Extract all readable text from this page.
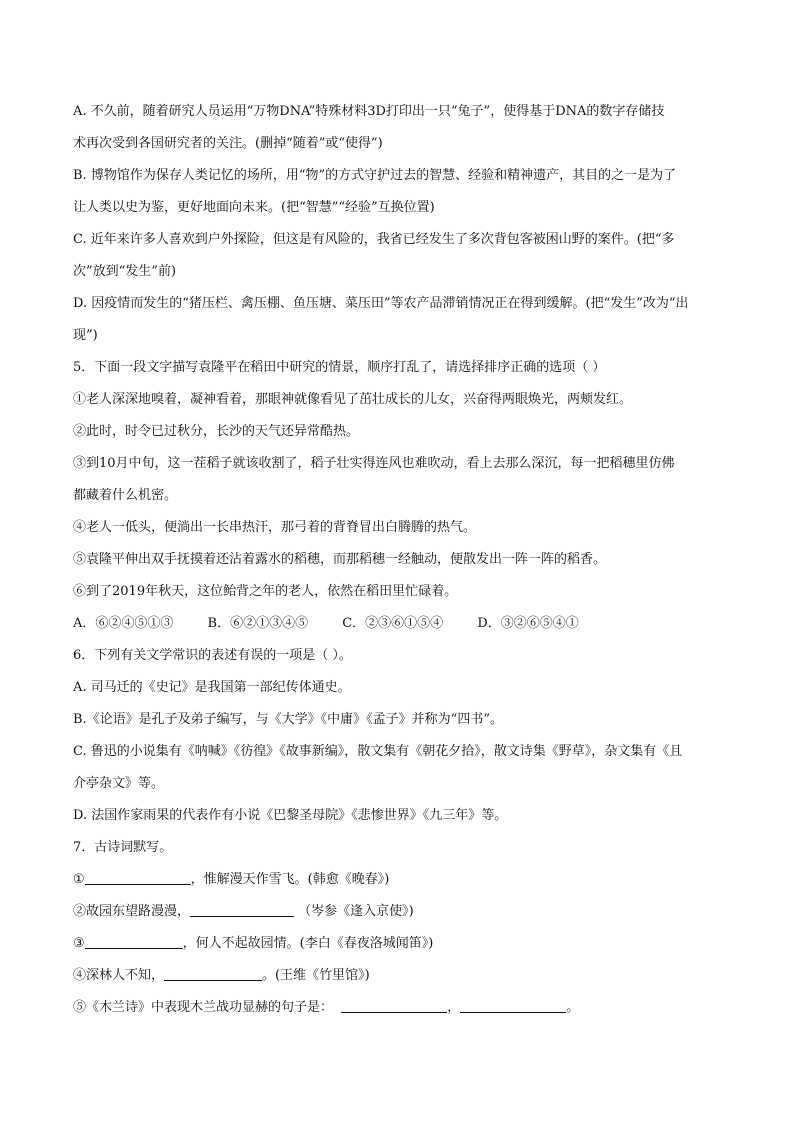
A. 不久前，随着研究人员运用“万物DNA”特殊材料3D打印出一只“兔子”，使得基于DNA的数字存储技
术再次受到各国研究者的关注。(删掉“随着”或“使得”)
B. 博物馆作为保存人类记忆的场所，用“物”的方式守护过去的智慧、经验和精神遗产，其目的之一是为了
让人类以史为鉴，更好地面向未来。(把“智慧”“经验”互换位置)
C. 近年来许多人喜欢到户外探险，但这是有风险的，我省已经发生了多次背包客被困山野的案件。(把“多
次”放到“发生”前)
D. 因疫情而发生的“猪压栏、禽压棚、鱼压塘、菜压田”等农产品滞销情况正在得到缓解。(把“发生”改为“出
现”)
5．下面一段文字描写袁隆平在稻田中研究的情景，顺序打乱了，请选择排序正确的选项（ ）
①老人深深地嗅着，凝神看着，那眼神就像看见了茁壮成长的儿女，兴奋得两眼焕光，两颊发红。
②此时，时令已过秋分，长沙的天气还异常酷热。
③到10月中旬，这一茬稻子就该收割了，稻子壮实得连风也难吹动，看上去那么深沉，每一把稻穗里仿佛
都藏着什么机密。
④老人一低头，便淌出一长串热汗，那弓着的背脊冒出白腾腾的热气。
⑤袁隆平伸出双手抚摸着还沾着露水的稻穗，而那稻穗一经触动，便散发出一阵一阵的稻香。
⑥到了2019年秋天，这位鲐背之年的老人，依然在稻田里忙碌着。
A．⑥②④⑤①③	B．⑥②①③④⑤	C．②③⑥①⑤④	D．③②⑥⑤④①
6．下列有关文学常识的表述有误的一项是（ ）。
A. 司马迁的《史记》是我国第一部纪传体通史。
B.《论语》是孔子及弟子编写，与《大学》《中庸》《孟子》并称为“四书”。
C. 鲁迅的小说集有《呐喊》《彷徨》《故事新编》，散文集有《朝花夕拾》，散文诗集《野草》，杂文集有《且
介亭杂文》等。
D. 法国作家雨果的代表作有小说《巴黎圣母院》《悲惨世界》《九三年》等。
7．古诗词默写。
①	，惟解漫天作雪飞。(韩愈《晚春》)
②故园东望路漫漫，	（岑参《逢入京使》)
③	，何人不起故园情。(李白《春夜洛城闻笛》)
④深林人不知，	。(王维《竹里馆》)
⑤《木兰诗》中表现木兰战功显赫的句子是：	，	。
